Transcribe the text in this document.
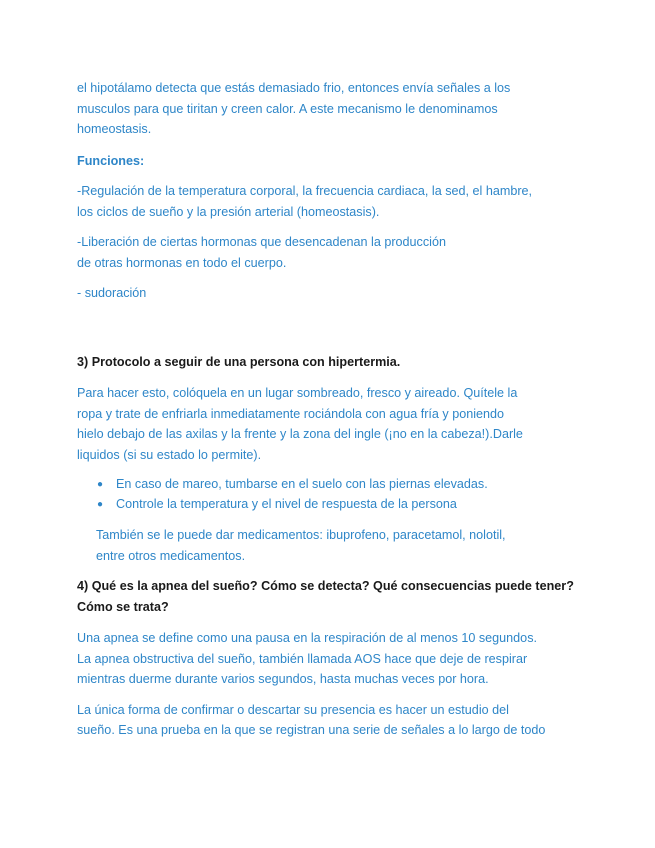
el hipotálamo detecta que estás demasiado frio, entonces envía señales a los
musculos para que tiritan y creen calor. A este mecanismo le denominamos
homeostasis.

Funciones:

-Regulación de la temperatura corporal, la frecuencia cardiaca, la sed, el hambre,
los ciclos de sueño y la presión arterial (homeostasis).

-Liberación de ciertas hormonas que desencadenan la producción
de otras hormonas en todo el cuerpo.

- sudoración

3) Protocolo a seguir de una persona con hipertermia.

Para hacer esto, colóquela en un lugar sombreado, fresco y aireado. Quítele la
ropa y trate de enfriarla inmediatamente rociándola con agua fría y poniendo
hielo debajo de las axilas y la frente y la zona del ingle (¡no en la cabeza!).Darle
liquidos (si su estado lo permite).

● En caso de mareo, tumbarse en el suelo con las piernas elevadas.
● Controle la temperatura y el nivel de respuesta de la persona

También se le puede dar medicamentos: ibuprofeno, paracetamol, nolotil,
entre otros medicamentos.

4) Qué es la apnea del sueño? Cómo se detecta? Qué consecuencias puede tener?
Cómo se trata?

Una apnea se define como una pausa en la respiración de al menos 10 segundos.
La apnea obstructiva del sueño, también llamada AOS hace que deje de respirar
mientras duerme durante varios segundos, hasta muchas veces por hora.

La única forma de confirmar o descartar su presencia es hacer un estudio del
sueño. Es una prueba en la que se registran una serie de señales a lo largo de todo
